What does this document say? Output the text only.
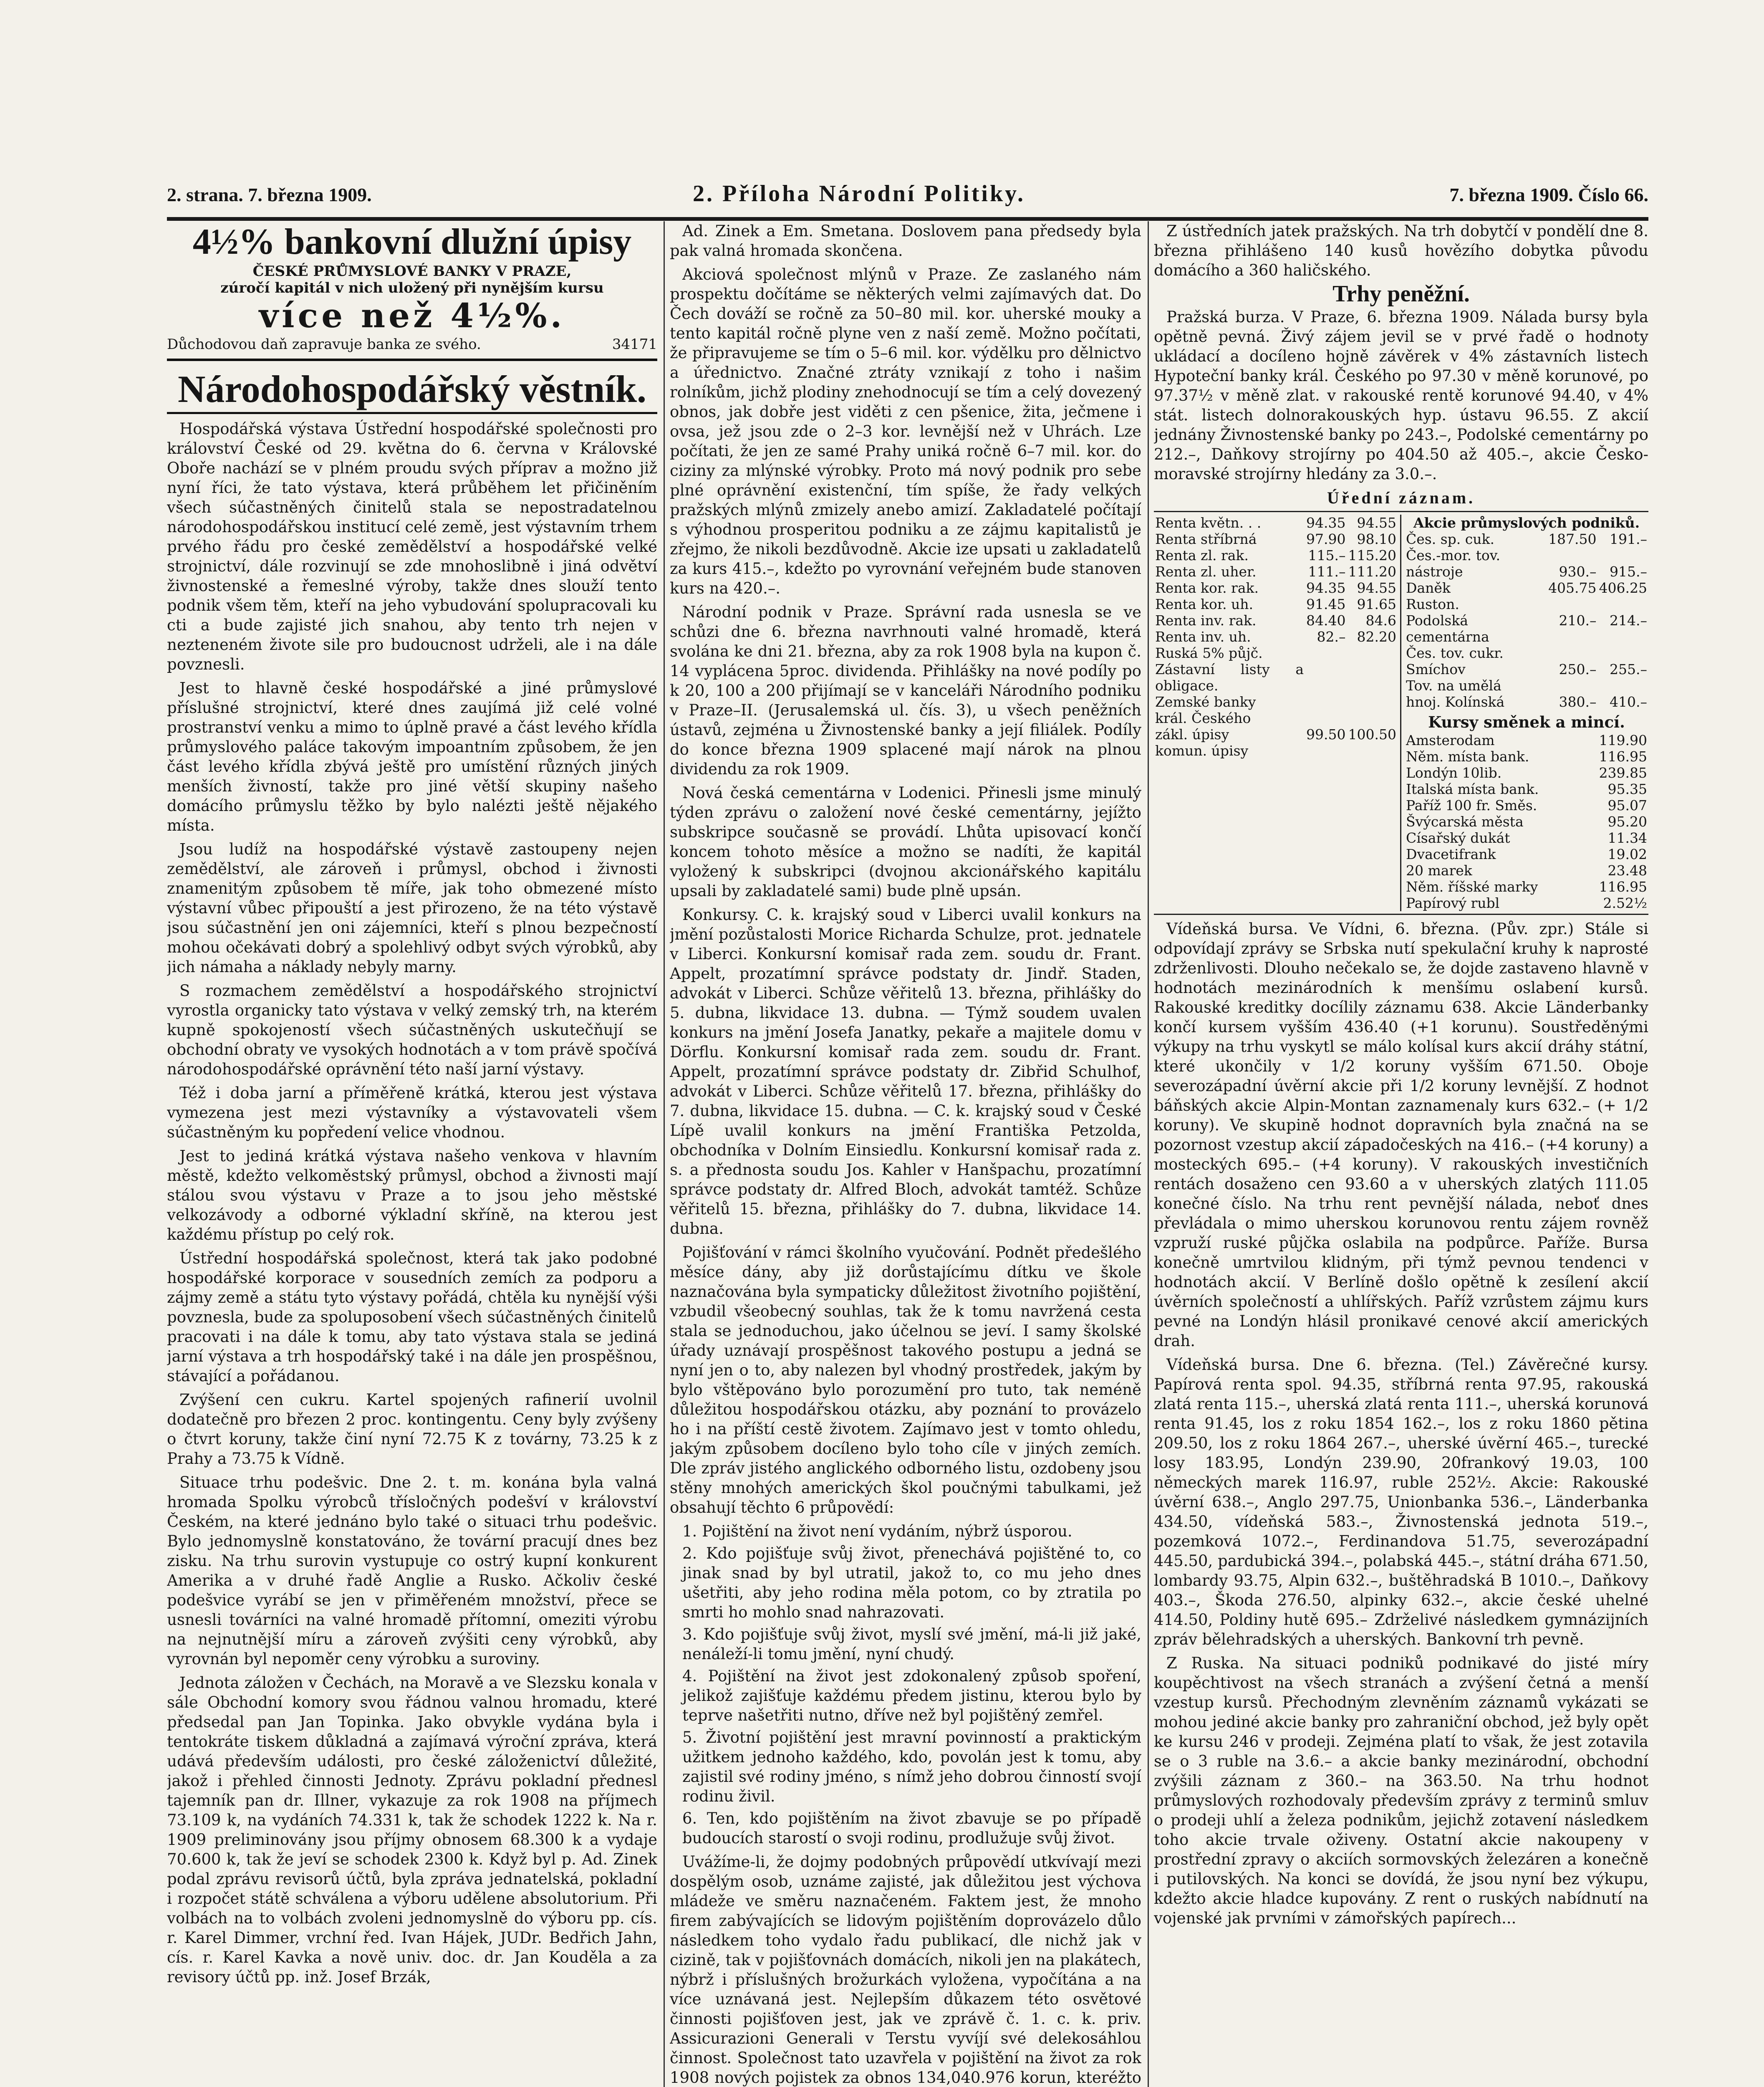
2. strana. 7. března 1909.	2. Příloha Národní Politiky.	7. března 1909. Číslo 66.
4½% bankovní dlužní úpisy
ČESKÉ PRŮMYSLOVÉ BANKY V PRAZE,
zúročí kapitál v nich uložený při nynějším kursu
více než 4½%.
Důchodovou daň zapravuje banka ze svého.	34171
Národohospodářský věstník.

Hospodářská výstava Ústřední hospodářské společnosti pro království České od 29. května do 6. června v Královské Oboře nachází se v plném proudu svých příprav a možno již nyní říci, že tato výstava, která průběhem let přičiněním všech súčastněných činitelů stala se nepostradatelnou národohospodářskou institucí celé země, jest výstavním trhem prvého řádu pro české zemědělství a hospodářské velké strojnictví, dále rozvinují se zde mnohoslibně i jiná odvětví živnostenské a řemeslné výroby, takže dnes slouží tento podnik všem těm, kteří na jeho vybudování spolupracovali ku cti a bude zajisté jich snahou, aby tento trh nejen v nezteneném živote sile pro budoucnost udrželi, ale i na dále povznesli.

Jest to hlavně české hospodářské a jiné průmyslové příslušné strojnictví, které dnes zaujímá již celé volné prostranství venku a mimo to úplně pravé a část levého křídla průmyslového paláce takovým impoantním způsobem, že jen část levého křídla zbývá ještě pro umístění různých jiných menších živností, takže pro jiné větší skupiny našeho domácího průmyslu těžko by bylo nalézti ještě nějakého místa.

Jsou ludíž na hospodářské výstavě zastoupeny nejen zemědělství, ale zároveň i průmysl, obchod i živnosti znamenitým způsobem tě míře, jak toho obmezené místo výstavní vůbec připouští a jest přirozeno, že na této výstavě jsou súčastnění jen oni zájemníci, kteří s plnou bezpečností mohou očekávati dobrý a spolehlivý odbyt svých výrobků, aby jich námaha a náklady nebyly marny.

S rozmachem zemědělství a hospodářského strojnictví vyrostla organicky tato výstava v velký zemský trh, na kterém kupně spokojeností všech súčastněných uskutečňují se obchodní obraty ve vysokých hodnotách a v tom právě spočívá národohospodářské oprávnění této naší jarní výstavy.

Též i doba jarní a příměřeně krátká, kterou jest výstava vymezena jest mezi výstavníky a výstavovateli všem súčastněným ku popředení velice vhodnou.

Jest to jediná krátká výstava našeho venkova v hlavním městě, kdežto velkoměstský průmysl, obchod a živnosti mají stálou svou výstavu v Praze a to jsou jeho městské velkozávody a odborné výkladní skříně, na kterou jest každému přístup po celý rok.

Ústřední hospodářská společnost, která tak jako podobné hospodářské korporace v sousedních zemích za podporu a zájmy země a státu tyto výstavy pořádá, chtěla ku nynější výši povznesla, bude za spoluposobení všech súčastněných činitelů pracovati i na dále k tomu, aby tato výstava stala se jediná jarní výstava a trh hospodářský také i na dále jen prospěšnou, stávající a pořádanou.

Zvýšení cen cukru. Kartel spojených rafinerií uvolnil dodatečně pro březen 2 proc. kontingentu. Ceny byly zvýšeny o čtvrt koruny, takže činí nyní 72.75 K z továrny, 73.25 k z Prahy a 73.75 k Vídně.

Situace trhu podešvic. Dne 2. t. m. konána byla valná hromada Spolku výrobců třísločných podešví v království Českém, na které jednáno bylo také o situaci trhu podešvic. Bylo jednomyslně konstatováno, že tovární pracují dnes bez zisku. Na trhu surovin vystupuje co ostrý kupní konkurent Amerika a v druhé řadě Anglie a Rusko. Ačkoliv české podešvice vyrábí se jen v přiměřeném množství, přece se usnesli továrníci na valné hromadě přítomní, omeziti výrobu na nejnutnější míru a zároveň zvýšiti ceny výrobků, aby vyrovnán byl nepoměr ceny výrobku a suroviny.

Jednota záložen v Čechách, na Moravě a ve Slezsku konala v sále Obchodní komory svou řádnou valnou hromadu, které předsedal pan Jan Topinka. Jako obvykle vydána byla i tentokráte tiskem důkladná a zajímavá výroční zpráva, která udává především události, pro české záloženictví důležité, jakož i přehled činnosti Jednoty. Zprávu pokladní přednesl tajemník pan dr. Illner, vykazuje za rok 1908 na příjmech 73.109 k, na vydáních 74.331 k, tak že schodek 1222 k. Na r. 1909 preliminovány jsou příjmy obnosem 68.300 k a vydaje 70.600 k, tak že jeví se schodek 2300 k. Když byl p. Ad. Zinek podal zprávu revisorů účtů, byla zpráva jednatelská, pokladní i rozpočet státě schválena a výboru udělene absolutorium. Při volbách na to volbách zvoleni jednomyslně do výboru pp. cís. r. Karel Dimmer, vrchní řed. Ivan Hájek, JUDr. Bedřich Jahn, cís. r. Karel Kavka a nově univ. doc. dr. Jan Kouděla a za revisory účtů pp. inž. Josef Brzák,

Ad. Zinek a Em. Smetana. Doslovem pana předsedy byla pak valná hromada skončena.

Akciová společnost mlýnů v Praze. Ze zaslaného nám prospektu dočítáme se některých velmi zajímavých dat. Do Čech dováží se ročně za 50–80 mil. kor. uherské mouky a tento kapitál ročně plyne ven z naší země. Možno počítati, že připravujeme se tím o 5–6 mil. kor. výdělku pro dělnictvo a úřednictvo. Značné ztráty vznikají z toho i našim rolníkům, jichž plodiny znehodnocují se tím a celý dovezený obnos, jak dobře jest viděti z cen pšenice, žita, ječmene i ovsa, jež jsou zde o 2–3 kor. levnější než v Uhrách. Lze počítati, že jen ze samé Prahy uniká ročně 6–7 mil. kor. do ciziny za mlýnské výrobky. Proto má nový podnik pro sebe plné oprávnění existenční, tím spíše, že řady velkých pražských mlýnů zmizely anebo amizí. Zakladatelé počítají s výhodnou prosperitou podniku a ze zájmu kapitalistů je zřejmo, že nikoli bezdůvodně. Akcie ize upsati u zakladatelů za kurs 415.–, kdežto po vyrovnání veřejném bude stanoven kurs na 420.–.

Národní podnik v Praze. Správní rada usnesla se ve schůzi dne 6. března navrhnouti valné hromadě, která svolána ke dni 21. března, aby za rok 1908 byla na kupon č. 14 vyplácena 5proc. dividenda. Přihlášky na nové podíly po k 20, 100 a 200 přijímají se v kanceláři Národního podniku v Praze–II. (Jerusalemská ul. čís. 3), u všech peněžních ústavů, zejména u Živnostenské banky a její filiálek. Podíly do konce března 1909 splacené mají nárok na plnou dividendu za rok 1909.

Nová česká cementárna v Lodenici. Přinesli jsme minulý týden zprávu o založení nové české cementárny, jejížto subskripce současně se provádí. Lhůta upisovací končí koncem tohoto měsíce a možno se nadíti, že kapitál vyložený k subskripci (dvojnou akcionářského kapitálu upsali by zakladatelé sami) bude plně upsán.

Konkursy. C. k. krajský soud v Liberci uvalil konkurs na jmění pozůstalosti Morice Richarda Schulze, prot. jednatele v Liberci. Konkursní komisař rada zem. soudu dr. Frant. Appelt, prozatímní správce podstaty dr. Jindř. Staden, advokát v Liberci. Schůze věřitelů 13. března, přihlášky do 5. dubna, likvidace 13. dubna. — Týmž soudem uvalen konkurs na jmění Josefa Janatky, pekaře a majitele domu v Dörflu. Konkursní komisař rada zem. soudu dr. Frant. Appelt, prozatímní správce podstaty dr. Zibřid Schulhof, advokát v Liberci. Schůze věřitelů 17. března, přihlášky do 7. dubna, likvidace 15. dubna. — C. k. krajský soud v České Lípě uvalil konkurs na jmění Františka Petzolda, obchodníka v Dolním Einsiedlu. Konkursní komisař rada z. s. a přednosta soudu Jos. Kahler v Hanšpachu, prozatímní správce podstaty dr. Alfred Bloch, advokát tamtéž. Schůze věřitelů 15. března, přihlášky do 7. dubna, likvidace 14. dubna.

Pojišťování v rámci školního vyučování. Podnět předešlého měsíce dány, aby již dorůstajícímu dítku ve škole naznačována byla sympaticky důležitost životního pojištění, vzbudil všeobecný souhlas, tak že k tomu navržená cesta stala se jednoduchou, jako účelnou se jeví. I samy školské úřady uznávají prospěšnost takového postupu a jedná se nyní jen o to, aby nalezen byl vhodný prostředek, jakým by bylo vštěpováno bylo porozumění pro tuto, tak neméně důležitou hospodářskou otázku, aby poznání to provázelo ho i na příští cestě životem. Zajímavo jest v tomto ohledu, jakým způsobem docíleno bylo toho cíle v jiných zemích. Dle zpráv jistého anglického odborného listu, ozdobeny jsou stěny mnohých amerických škol poučnými tabulkami, jež obsahují těchto 6 průpovědí:

1. Pojištění na život není vydáním, nýbrž úsporou.
2. Kdo pojišťuje svůj život, přenechává pojištěné to, co jinak snad by byl utratil, jakož to, co mu jeho dnes ušetřiti, aby jeho rodina měla potom, co by ztratila po smrti ho mohlo snad nahrazovati.
3. Kdo pojišťuje svůj život, myslí své jmění, má-li již jaké, nenáleží-li tomu jmění, nyní chudý.
4. Pojištění na život jest zdokonalený způsob spoření, jelikož zajišťuje každému předem jistinu, kterou bylo by teprve našetřiti nutno, dříve než byl pojištěný zemřel.
5. Životní pojištění jest mravní povinností a praktickým užitkem jednoho každého, kdo, povolán jest k tomu, aby zajistil své rodiny jméno, s nímž jeho dobrou činností svojí rodinu živil.
6. Ten, kdo pojištěním na život zbavuje se po případě budoucích starostí o svoji rodinu, prodlužuje svůj život.

Uvážíme-li, že dojmy podobných průpovědí utkvívají mezi dospělým osob, uznáme zajisté, jak důležitou jest výchova mládeže ve směru naznačeném. Faktem jest, že mnoho firem zabývajících se lidovým pojištěním doprovázelo důlo následkem toho vydalo řadu publikací, dle nichž jak v cizině, tak v pojišťovnách domácích, nikoli jen na plakátech, nýbrž i příslušných brožurkách vyložena, vypočítána a na více uznávaná jest. Nejlepším důkazem této osvětové činnosti pojišťoven jest, jak ve zprávě č. 1. c. k. priv. Assicurazioni Generali v Terstu vyvíjí své delekosáhlou činnost. Společnost tato uzavřela v pojištění na život za rok 1908 nových pojistek za obnos 134,040.976 korun, kteréžto

Z ústředních jatek pražských. Na trh dobytčí v pondělí dne 8. března přihlášeno 140 kusů hovězího dobytka původu domácího a 360 haličského.

Trhy peněžní.

Pražská burza. V Praze, 6. března 1909. Nálada bursy byla opětně pevná. Živý zájem jevil se v prvé řadě o hodnoty ukládací a docíleno hojně závěrek v 4% zástavních listech Hypoteční banky král. Českého po 97.30 v měně korunové, po 97.37½ v měně zlat. v rakouské rentě korunové 94.40, v 4% stát. listech dolnorakouských hyp. ústavu 96.55. Z akcií jednány Živnostenské banky po 243.–, Podolské cementárny po 212.–, Daňkovy strojírny po 404.50 až 405.–, akcie Česko-moravské strojírny hledány za 3.0.–.

Úřední záznam.
Renta květn. . .	94.35	94.55
Renta stříbrná	97.90	98.10
Renta zl. rak.	115.–	115.20
Renta zl. uher.	111.–	111.20
Renta kor. rak.	94.35	94.55
Renta kor. uh.	91.45	91.65
Renta inv. rak.	84.40	84.6
Renta inv. uh.	82.–	82.20
Ruská 5% půjč.		
Zástavní listy a obligace.		
Zemské banky		
král. Českého		
zákl. úpisy	99.50	100.50
komun. úpisy		
Akcie průmyslových podniků.		
Čes. sp. cuk.	187.50	191.–
Čes.-mor. tov.		
nástroje	930.–	915.–
Daněk	405.75	406.25
Ruston.		
Podolská cementárna	210.–	214.–
Čes. tov. cukr.		
Smíchov	250.–	255.–
Tov. na umělá		
hnoj. Kolínská	380.–	410.–
Kursy směnek a mincí.
Amsterodam	119.90
Něm. místa bank.	116.95
Londýn 10lib.	239.85
Italská místa bank.	95.35
Paříž 100 fr. Směs.	95.07
Švýcarská města	95.20
Císařský dukát	11.34
Dvacetifrank	19.02
20 marek	23.48
Něm. říšské marky	116.95
Papírový rubl	2.52½

Vídeňská bursa. Ve Vídni, 6. března. (Pův. zpr.) Stále si odpovídají zprávy se Srbska nutí spekulační kruhy k naprosté zdrženlivosti. Dlouho nečekalo se, že dojde zastaveno hlavně v hodnotách mezinárodních k menšímu oslabení kursů. Rakouské kreditky docílily záznamu 638. Akcie Länderbanky končí kursem vyšším 436.40 (+1 korunu). Soustředěnými výkupy na trhu vyskytl se málo kolísal kurs akcií dráhy státní, které ukončily v 1/2 koruny vyšším 671.50. Oboje severozápadní úvěrní akcie při 1/2 koruny levnější. Z hodnot báňských akcie Alpin-Montan zaznamenaly kurs 632.– (+ 1/2 koruny). Ve skupině hodnot dopravních byla značná na se pozornost vzestup akcií západočeských na 416.– (+4 koruny) a mosteckých 695.– (+4 koruny). V rakouských investičních rentách dosaženo cen 93.60 a v uherských zlatých 111.05 konečné číslo. Na trhu rent pevnější nálada, neboť dnes převládala o mimo uherskou korunovou rentu zájem rovněž vzpruží ruské půjčka oslabila na podpůrce. Paříže. Bursa konečně umrtvilou klidným, při týmž pevnou tendenci v hodnotách akcií. V Berlíně došlo opětně k zesílení akcií úvěrních společností a uhlířských. Paříž vzrůstem zájmu kurs pevné na Londýn hlásil pronikavé cenové akcií amerických drah.

Vídeňská bursa. Dne 6. března. (Tel.) Závěrečné kursy. Papírová renta spol. 94.35, stříbrná renta 97.95, rakouská zlatá renta 115.–, uherská zlatá renta 111.–, uherská korunová renta 91.45, los z roku 1854 162.–, los z roku 1860 pětina 209.50, los z roku 1864 267.–, uherské úvěrní 465.–, turecké losy 183.95, Londýn 239.90, 20frankový 19.03, 100 německých marek 116.97, ruble 252½. Akcie: Rakouské úvěrní 638.–, Anglo 297.75, Unionbanka 536.–, Länderbanka 434.50, vídeňská 583.–, Živnostenská jednota 519.–, pozemková 1072.–, Ferdinandova 51.75, severozápadní 445.50, pardubická 394.–, polabská 445.–, státní dráha 671.50, lombardy 93.75, Alpin 632.–, buštěhradská B 1010.–, Daňkovy 403.–, Škoda 276.50, alpinky 632.–, akcie české uhelné 414.50, Poldiny hutě 695.– Zdrželivé následkem gymnázijních zpráv bělehradských a uherských. Bankovní trh pevně.

Z Ruska. Na situaci podniků podnikavé do jisté míry koupěchtivost na všech stranách a zvýšení četná a menší vzestup kursů. Přechodným zlevněním záznamů vykázati se mohou jediné akcie banky pro zahraniční obchod, jež byly opět ke kursu 246 v prodeji. Zejména platí to však, že jest zotavila se o 3 ruble na 3.6.– a akcie banky mezinárodní, obchodní zvýšili záznam z 360.– na 363.50. Na trhu hodnot průmyslových rozhodovaly především zprávy z terminů smluv o prodeji uhlí a železa podnikům, jejichž zotavení následkem toho akcie trvale oživeny. Ostatní akcie nakoupeny v prostřední zpravy o akciích sormovských železáren a konečně i putilovských. Na konci se dovídá, že jsou nyní bez výkupu, kdežto akcie hladce kupovány. Z rent o ruských nabídnutí na vojenské jak prvními v zámořských papírech...
